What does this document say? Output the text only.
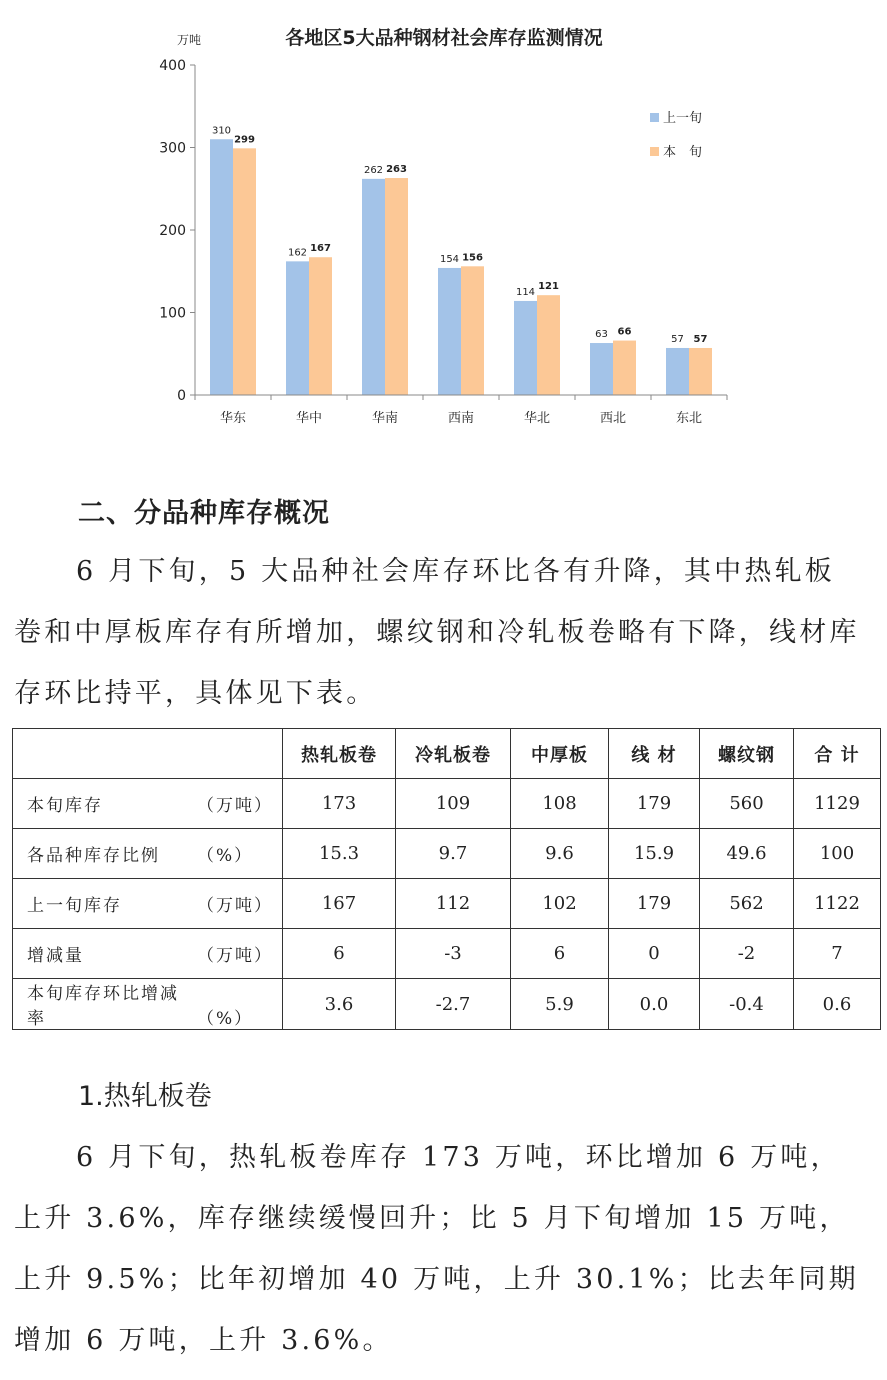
各地区5大品种钢材社会库存监测情况
万吨
0
100
200
300
400
310
299
162 167
262 263
154 156
114
121
63 66
57 57
华东	华中	华南	西南	华北	西北	东北
上一旬
本　旬
二、分品种库存概况
6 月下旬，5 大品种社会库存环比各有升降，其中热轧板卷和中厚板库存有所增加，螺纹钢和冷轧板卷略有下降，线材库存环比持平，具体见下表。
	热轧板卷	冷轧板卷	中厚板	线 材	螺纹钢	合 计
本旬库存 （万吨）	173	109	108	179	560	1129
各品种库存比例 （%）	15.3	9.7	9.6	15.9	49.6	100
上一旬库存 （万吨）	167	112	102	179	562	1122
增减量 （万吨）	6	-3	6	0	-2	7
本旬库存环比增减率 （%）	3.6	-2.7	5.9	0.0	-0.4	0.6
1.热轧板卷
6 月下旬，热轧板卷库存 173 万吨，环比增加 6 万吨，上升 3.6%，库存继续缓慢回升；比 5 月下旬增加 15 万吨，上升 9.5%；比年初增加 40 万吨，上升 30.1%；比去年同期增加 6 万吨，上升 3.6%。
